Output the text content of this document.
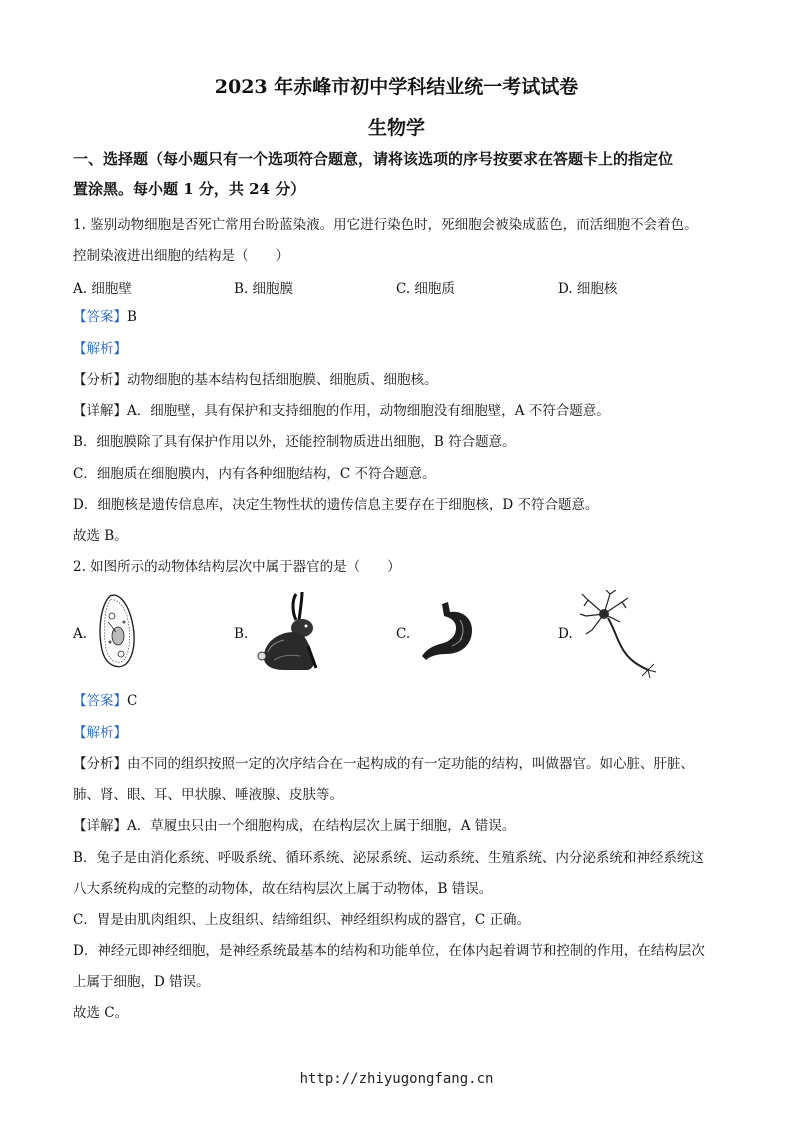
2023 年赤峰市初中学科结业统一考试试卷
生物学
一、选择题（每小题只有一个选项符合题意，请将该选项的序号按要求在答题卡上的指定位
置涂黑。每小题 1 分，共 24 分）
1. 鉴别动物细胞是否死亡常用台盼蓝染液。用它进行染色时，死细胞会被染成蓝色，而活细胞不会着色。
控制染液进出细胞的结构是（　　）
A. 细胞壁	B. 细胞膜	C. 细胞质	D. 细胞核
【答案】B
【解析】
【分析】动物细胞的基本结构包括细胞膜、细胞质、细胞核。
【详解】A．细胞壁，具有保护和支持细胞的作用，动物细胞没有细胞壁，A 不符合题意。
B．细胞膜除了具有保护作用以外，还能控制物质进出细胞，B 符合题意。
C．细胞质在细胞膜内，内有各种细胞结构，C 不符合题意。
D．细胞核是遗传信息库，决定生物性状的遗传信息主要存在于细胞核，D 不符合题意。
故选 B。
2. 如图所示的动物体结构层次中属于器官的是（　　）
A.	B.	C.	D.
【答案】C
【解析】
【分析】由不同的组织按照一定的次序结合在一起构成的有一定功能的结构，叫做器官。如心脏、肝脏、
肺、肾、眼、耳、甲状腺、唾液腺、皮肤等。
【详解】A．草履虫只由一个细胞构成，在结构层次上属于细胞，A 错误。
B．兔子是由消化系统、呼吸系统、循环系统、泌尿系统、运动系统、生殖系统、内分泌系统和神经系统这
八大系统构成的完整的动物体，故在结构层次上属于动物体，B 错误。
C．胃是由肌肉组织、上皮组织、结缔组织、神经组织构成的器官，C 正确。
D．神经元即神经细胞，是神经系统最基本的结构和功能单位，在体内起着调节和控制的作用，在结构层次
上属于细胞，D 错误。
故选 C。
http://zhiyugongfang.cn
